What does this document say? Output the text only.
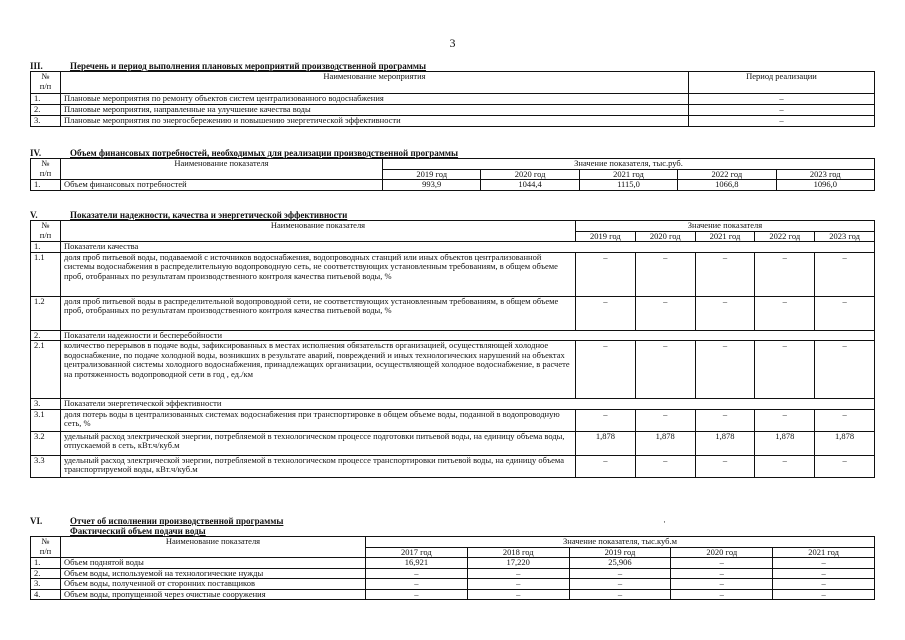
3
III.	Перечень и период выполнения плановых мероприятий производственной программы
№
п/п	Наименование мероприятия	Период реализации
1.	Плановые мероприятия по ремонту объектов систем централизованного водоснабжения	–
2.	Плановые мероприятия, направленные на улучшение качества воды	–
3.	Плановые мероприятия по энергосбережению и повышению энергетической эффективности	–
IV.	Объем финансовых потребностей, необходимых для реализации производственной программы
№
п/п	Наименование показателя	Значение показателя, тыс.руб.				
		2019 год	2020 год	2021 год	2022 год	2023 год
1.	Объем финансовых потребностей	993,9	1044,4	1115,0	1066,8	1096,0
V.	Показатели надежности, качества и энергетической эффективности
№
п/п	Наименование показателя	Значение показателя				
		2019 год	2020 год	2021 год	2022 год	2023 год
1.	Показатели качества					
1.1	доля проб питьевой воды, подаваемой с источников водоснабжения, водопроводных станций или иных объектов централизованной системы водоснабжения в распределительную водопроводную сеть, не соответствующих установленным требованиям, в общем объеме проб, отобранных по результатам производственного контроля качества питьевой воды, %	–	–	–	–	–
1.2	доля проб питьевой воды в распределительной водопроводной сети, не соответствующих установленным требованиям, в общем объеме проб, отобранных по результатам производственного контроля качества питьевой воды, %	–	–	–	–	–
2.	Показатели надежности и бесперебойности					
2.1	количество перерывов в подаче воды, зафиксированных в местах исполнения обязательств организацией, осуществляющей холодное водоснабжение, по подаче холодной воды, возникших в результате аварий, повреждений и иных технологических нарушений на объектах централизованной системы холодного водоснабжения, принадлежащих организации, осуществляющей холодное водоснабжение, в расчете на протяженность водопроводной сети в год , ед./км	–	–	–	–	–
3.	Показатели энергетической эффективности					
3.1	доля потерь воды в централизованных системах водоснабжения при транспортировке в общем объеме воды, поданной в водопроводную сеть, %	–	–	–	–	–
3.2	удельный расход электрической энергии, потребляемой в технологическом процессе подготовки питьевой воды, на единицу объема воды, отпускаемой в сеть, кВт.ч/куб.м	1,878	1,878	1,878	1,878	1,878
3.3	удельный расход электрической энергии, потребляемой в технологическом процессе транспортировки питьевой воды, на единицу объема транспортируемой воды, кВт.ч/куб.м	–	–	–	–	–
VI.	Отчет об исполнении производственной программы
Фактический объем подачи воды
№
п/п	Наименование показателя	Значение показателя, тыс.куб.м				
		2017 год	2018 год	2019 год	2020 год	2021 год
1.	Объем поднятой воды	16,921	17,220	25,906	–	–
2.	Объем воды, используемой на технологические нужды	–	–	–	–	–
3.	Объем воды, полученной от сторонних поставщиков	–	–	–	–	–
4.	Объем воды, пропущенной через очистные сооружения	–	–	–	–	–
·
